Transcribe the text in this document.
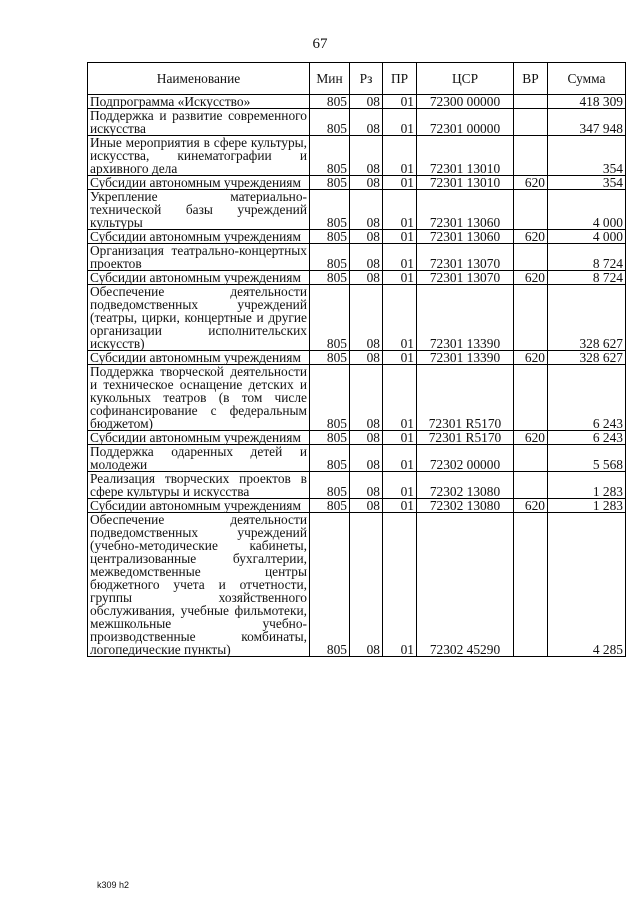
67
Наименование	Мин	Рз	ПР	ЦСР	ВР	Сумма
Подпрограмма «Искусство»	805	08	01	72300 00000		418 309
Поддержка и развитие современного искусства	805	08	01	72301 00000		347 948
Иные мероприятия в сфере культуры, искусства, кинематографии и архивного дела	805	08	01	72301 13010		354
Субсидии автономным учреждениям	805	08	01	72301 13010	620	354
Укрепление материально-технической базы учреждений культуры	805	08	01	72301 13060		4 000
Субсидии автономным учреждениям	805	08	01	72301 13060	620	4 000
Организация театрально-концертных проектов	805	08	01	72301 13070		8 724
Субсидии автономным учреждениям	805	08	01	72301 13070	620	8 724
Обеспечение деятельности подведомственных учреждений (театры, цирки, концертные и другие организации исполнительских искусств)	805	08	01	72301 13390		328 627
Субсидии автономным учреждениям	805	08	01	72301 13390	620	328 627
Поддержка творческой деятельности и техническое оснащение детских и кукольных театров (в том числе софинансирование с федеральным бюджетом)	805	08	01	72301 R5170		6 243
Субсидии автономным учреждениям	805	08	01	72301 R5170	620	6 243
Поддержка одаренных детей и молодежи	805	08	01	72302 00000		5 568
Реализация творческих проектов в сфере культуры и искусства	805	08	01	72302 13080		1 283
Субсидии автономным учреждениям	805	08	01	72302 13080	620	1 283
Обеспечение деятельности подведомственных учреждений (учебно-методические кабинеты, централизованные бухгалтерии, межведомственные центры бюджетного учета и отчетности, группы хозяйственного обслуживания, учебные фильмотеки, межшкольные учебно-производственные комбинаты, логопедические пункты)	805	08	01	72302 45290		4 285
k309 h2
